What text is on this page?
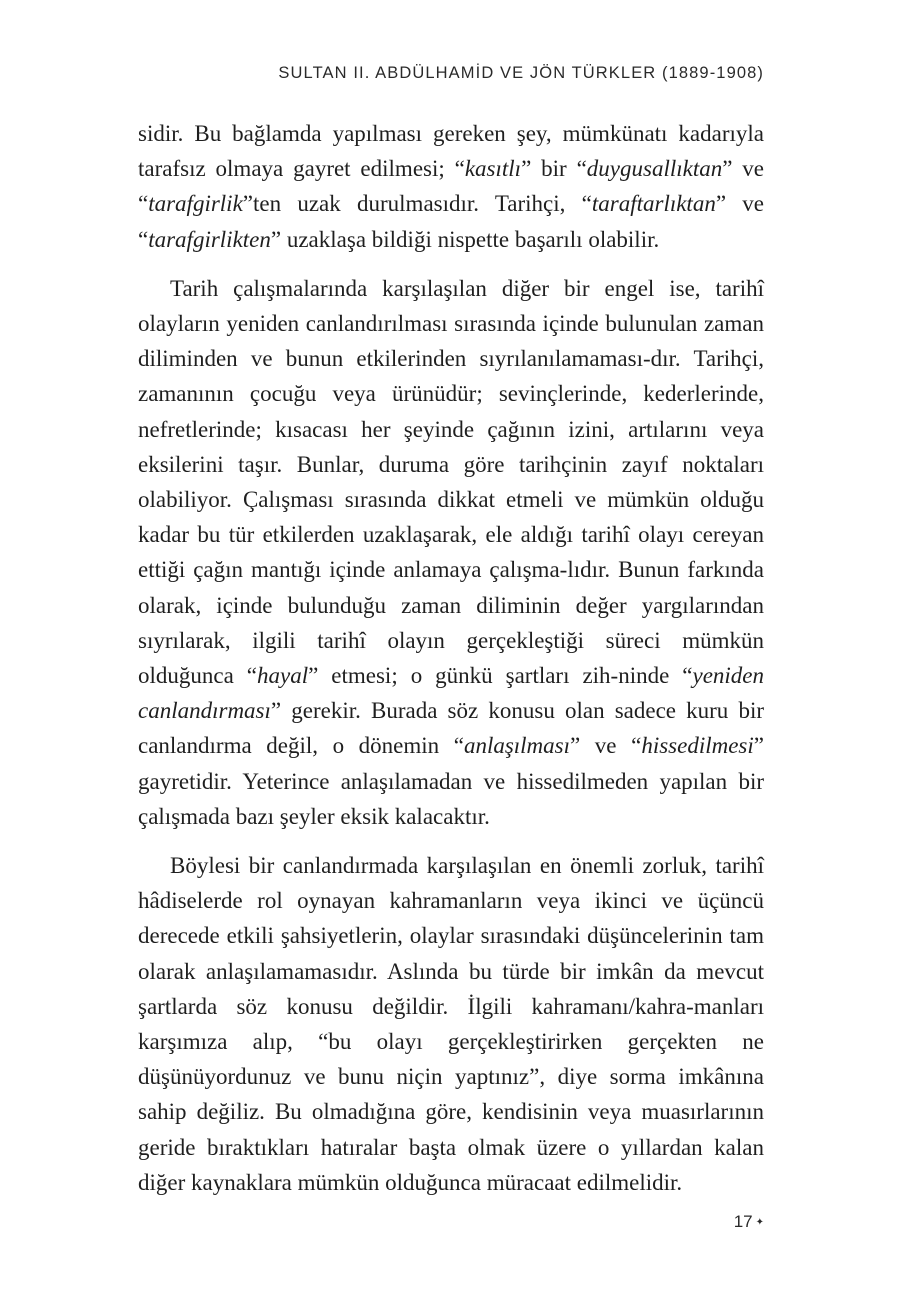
SULTAN II. ABDÜLHAMİD VE JÖN TÜRKLER (1889-1908)

sidir. Bu bağlamda yapılması gereken şey, mümkünatı kadarıyla tarafsız olmaya gayret edilmesi; “kasıtlı” bir “duygusallıktan” ve “tarafgirlik”ten uzak durulmasıdır. Tarihçi, “taraftarlıktan” ve “tarafgirlikten” uzaklaşa bildiği nispette başarılı olabilir.

Tarih çalışmalarında karşılaşılan diğer bir engel ise, tarihî olayların yeniden canlandırılması sırasında içinde bulunulan zaman diliminden ve bunun etkilerinden sıyrılanılamaması-dır. Tarihçi, zamanının çocuğu veya ürünüdür; sevinçlerinde, kederlerinde, nefretlerinde; kısacası her şeyinde çağının izini, artılarını veya eksilerini taşır. Bunlar, duruma göre tarihçinin zayıf noktaları olabiliyor. Çalışması sırasında dikkat etmeli ve mümkün olduğu kadar bu tür etkilerden uzaklaşarak, ele aldığı tarihî olayı cereyan ettiği çağın mantığı içinde anlamaya çalışma-lıdır. Bunun farkında olarak, içinde bulunduğu zaman diliminin değer yargılarından sıyrılarak, ilgili tarihî olayın gerçekleştiği süreci mümkün olduğunca “hayal” etmesi; o günkü şartları zih-ninde “yeniden canlandırması” gerekir. Burada söz konusu olan sadece kuru bir canlandırma değil, o dönemin “anlaşılması” ve “hissedilmesi” gayretidir. Yeterince anlaşılamadan ve hissedilmeden yapılan bir çalışmada bazı şeyler eksik kalacaktır.

Böylesi bir canlandırmada karşılaşılan en önemli zorluk, tarihî hâdiselerde rol oynayan kahramanların veya ikinci ve üçüncü derecede etkili şahsiyetlerin, olaylar sırasındaki düşüncelerinin tam olarak anlaşılamamasıdır. Aslında bu türde bir imkân da mevcut şartlarda söz konusu değildir. İlgili kahramanı/kahra-manları karşımıza alıp, “bu olayı gerçekleştirirken gerçekten ne düşünüyordunuz ve bunu niçin yaptınız”, diye sorma imkânına sahip değiliz. Bu olmadığına göre, kendisinin veya muasırlarının geride bıraktıkları hatıralar başta olmak üzere o yıllardan kalan diğer kaynaklara mümkün olduğunca müracaat edilmelidir.

17 ✦
